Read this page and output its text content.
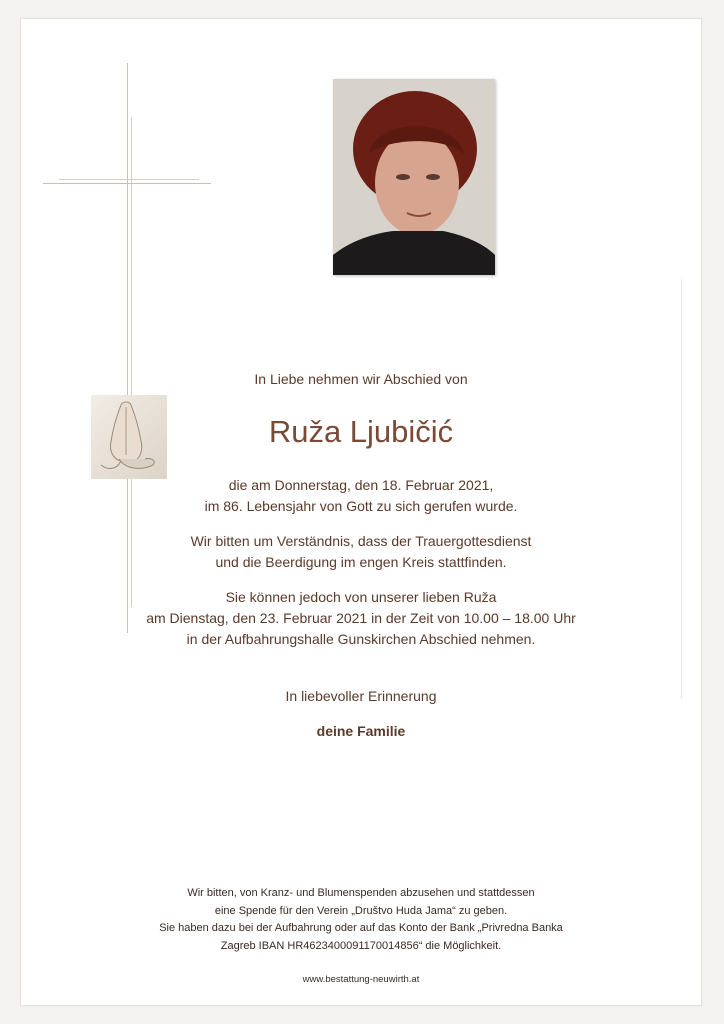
In Liebe nehmen wir Abschied von
Ruža Ljubičić
die am Donnerstag, den 18. Februar 2021,
im 86. Lebensjahr von Gott zu sich gerufen wurde.
Wir bitten um Verständnis, dass der Trauergottesdienst
und die Beerdigung im engen Kreis stattfinden.
Sie können jedoch von unserer lieben Ruža
am Dienstag, den 23. Februar 2021 in der Zeit von 10.00 – 18.00 Uhr
in der Aufbahrungshalle Gunskirchen Abschied nehmen.
In liebevoller Erinnerung
deine Familie
Wir bitten, von Kranz- und Blumenspenden abzusehen und stattdessen
eine Spende für den Verein „Društvo Huda Jama“ zu geben.
Sie haben dazu bei der Aufbahrung oder auf das Konto der Bank „Privredna Banka
Zagreb IBAN HR4623400091170014856“ die Möglichkeit.
www.bestattung-neuwirth.at
